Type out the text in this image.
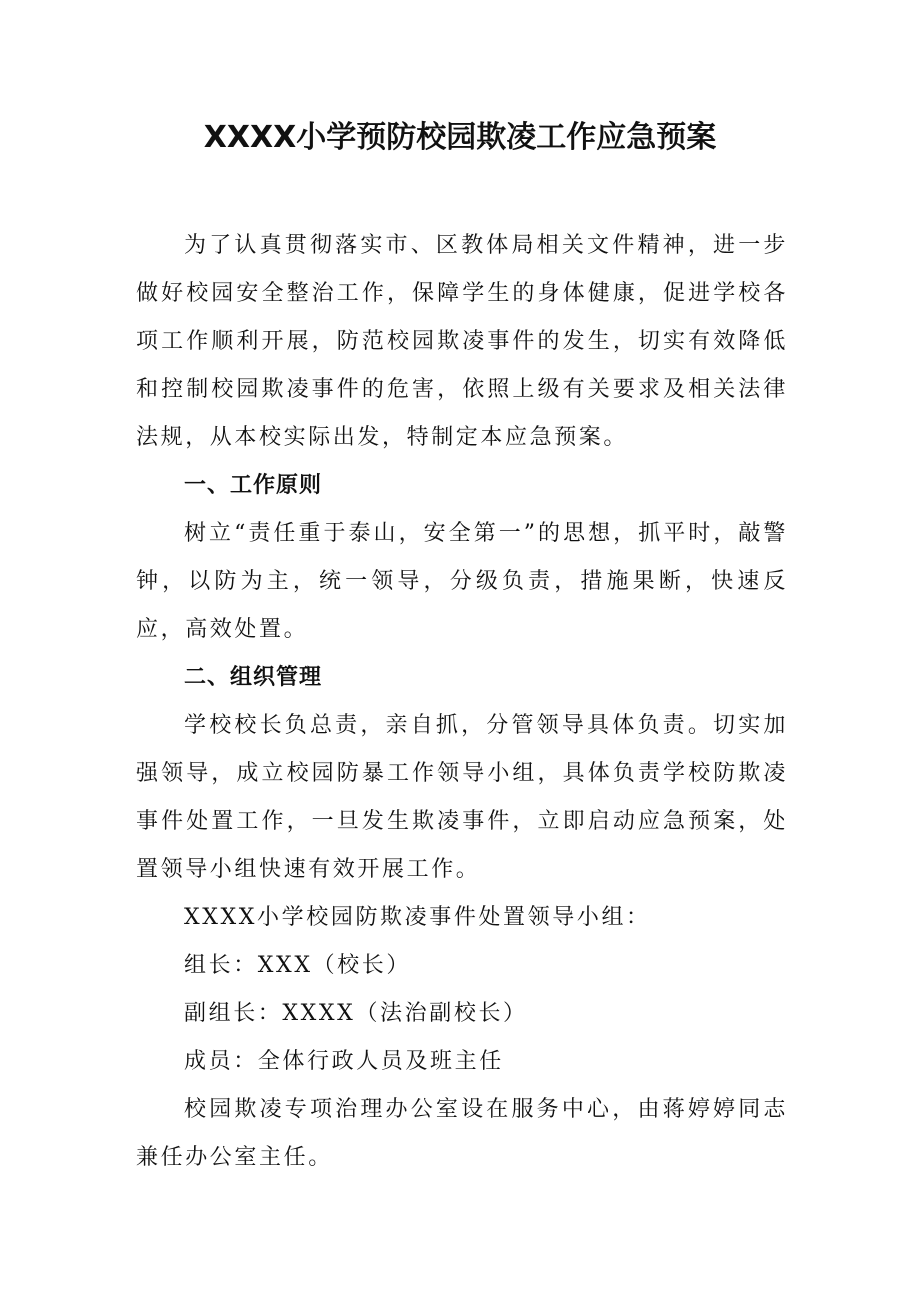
XXXX小学预防校园欺凌工作应急预案

为了认真贯彻落实市、区教体局相关文件精神，进一步做好校园安全整治工作，保障学生的身体健康，促进学校各项工作顺利开展，防范校园欺凌事件的发生，切实有效降低和控制校园欺凌事件的危害，依照上级有关要求及相关法律法规，从本校实际出发，特制定本应急预案。

一、工作原则

树立“责任重于泰山，安全第一”的思想，抓平时，敲警钟，以防为主，统一领导，分级负责，措施果断，快速反应，高效处置。

二、组织管理

学校校长负总责，亲自抓，分管领导具体负责。切实加强领导，成立校园防暴工作领导小组，具体负责学校防欺凌事件处置工作，一旦发生欺凌事件，立即启动应急预案，处置领导小组快速有效开展工作。

XXXX小学校园防欺凌事件处置领导小组：

组长：XXX（校长）

副组长：XXXX（法治副校长）

成员：全体行政人员及班主任

校园欺凌专项治理办公室设在服务中心，由蒋婷婷同志兼任办公室主任。
